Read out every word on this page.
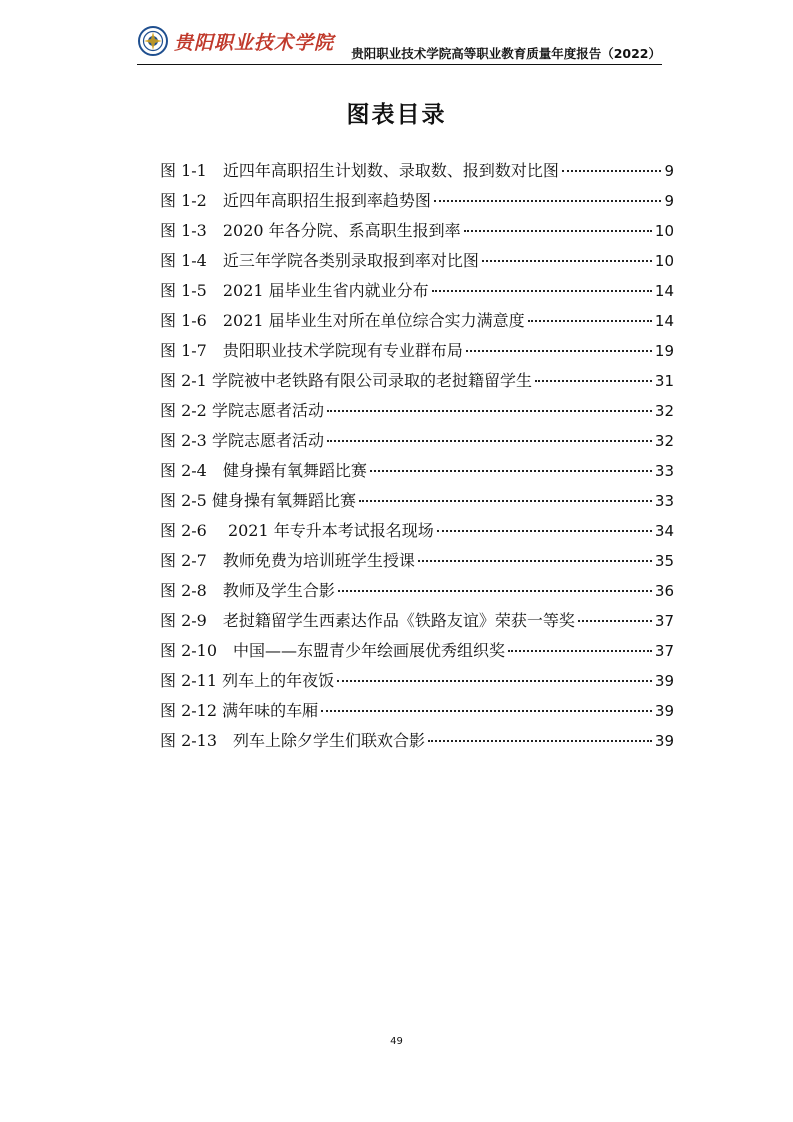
贵阳职业技术学院 贵阳职业技术学院高等职业教育质量年度报告（2022）
图表目录
图 1-1　近四年高职招生计划数、录取数、报到数对比图	9
图 1-2　近四年高职招生报到率趋势图	9
图 1-3　2020 年各分院、系高职生报到率	10
图 1-4　近三年学院各类别录取报到率对比图	10
图 1-5　2021 届毕业生省内就业分布	14
图 1-6　2021 届毕业生对所在单位综合实力满意度	14
图 1-7　贵阳职业技术学院现有专业群布局	19
图 2-1 学院被中老铁路有限公司录取的老挝籍留学生	31
图 2-2 学院志愿者活动	32
图 2-3 学院志愿者活动	32
图 2-4　健身操有氧舞蹈比赛	33
图 2-5 健身操有氧舞蹈比赛	33
图 2-6　 2021 年专升本考试报名现场	34
图 2-7　教师免费为培训班学生授课	35
图 2-8　教师及学生合影	36
图 2-9　老挝籍留学生西素达作品《铁路友谊》荣获一等奖	37
图 2-10　中国——东盟青少年绘画展优秀组织奖	37
图 2-11 列车上的年夜饭	39
图 2-12 满年味的车厢	39
图 2-13　列车上除夕学生们联欢合影	39
49
